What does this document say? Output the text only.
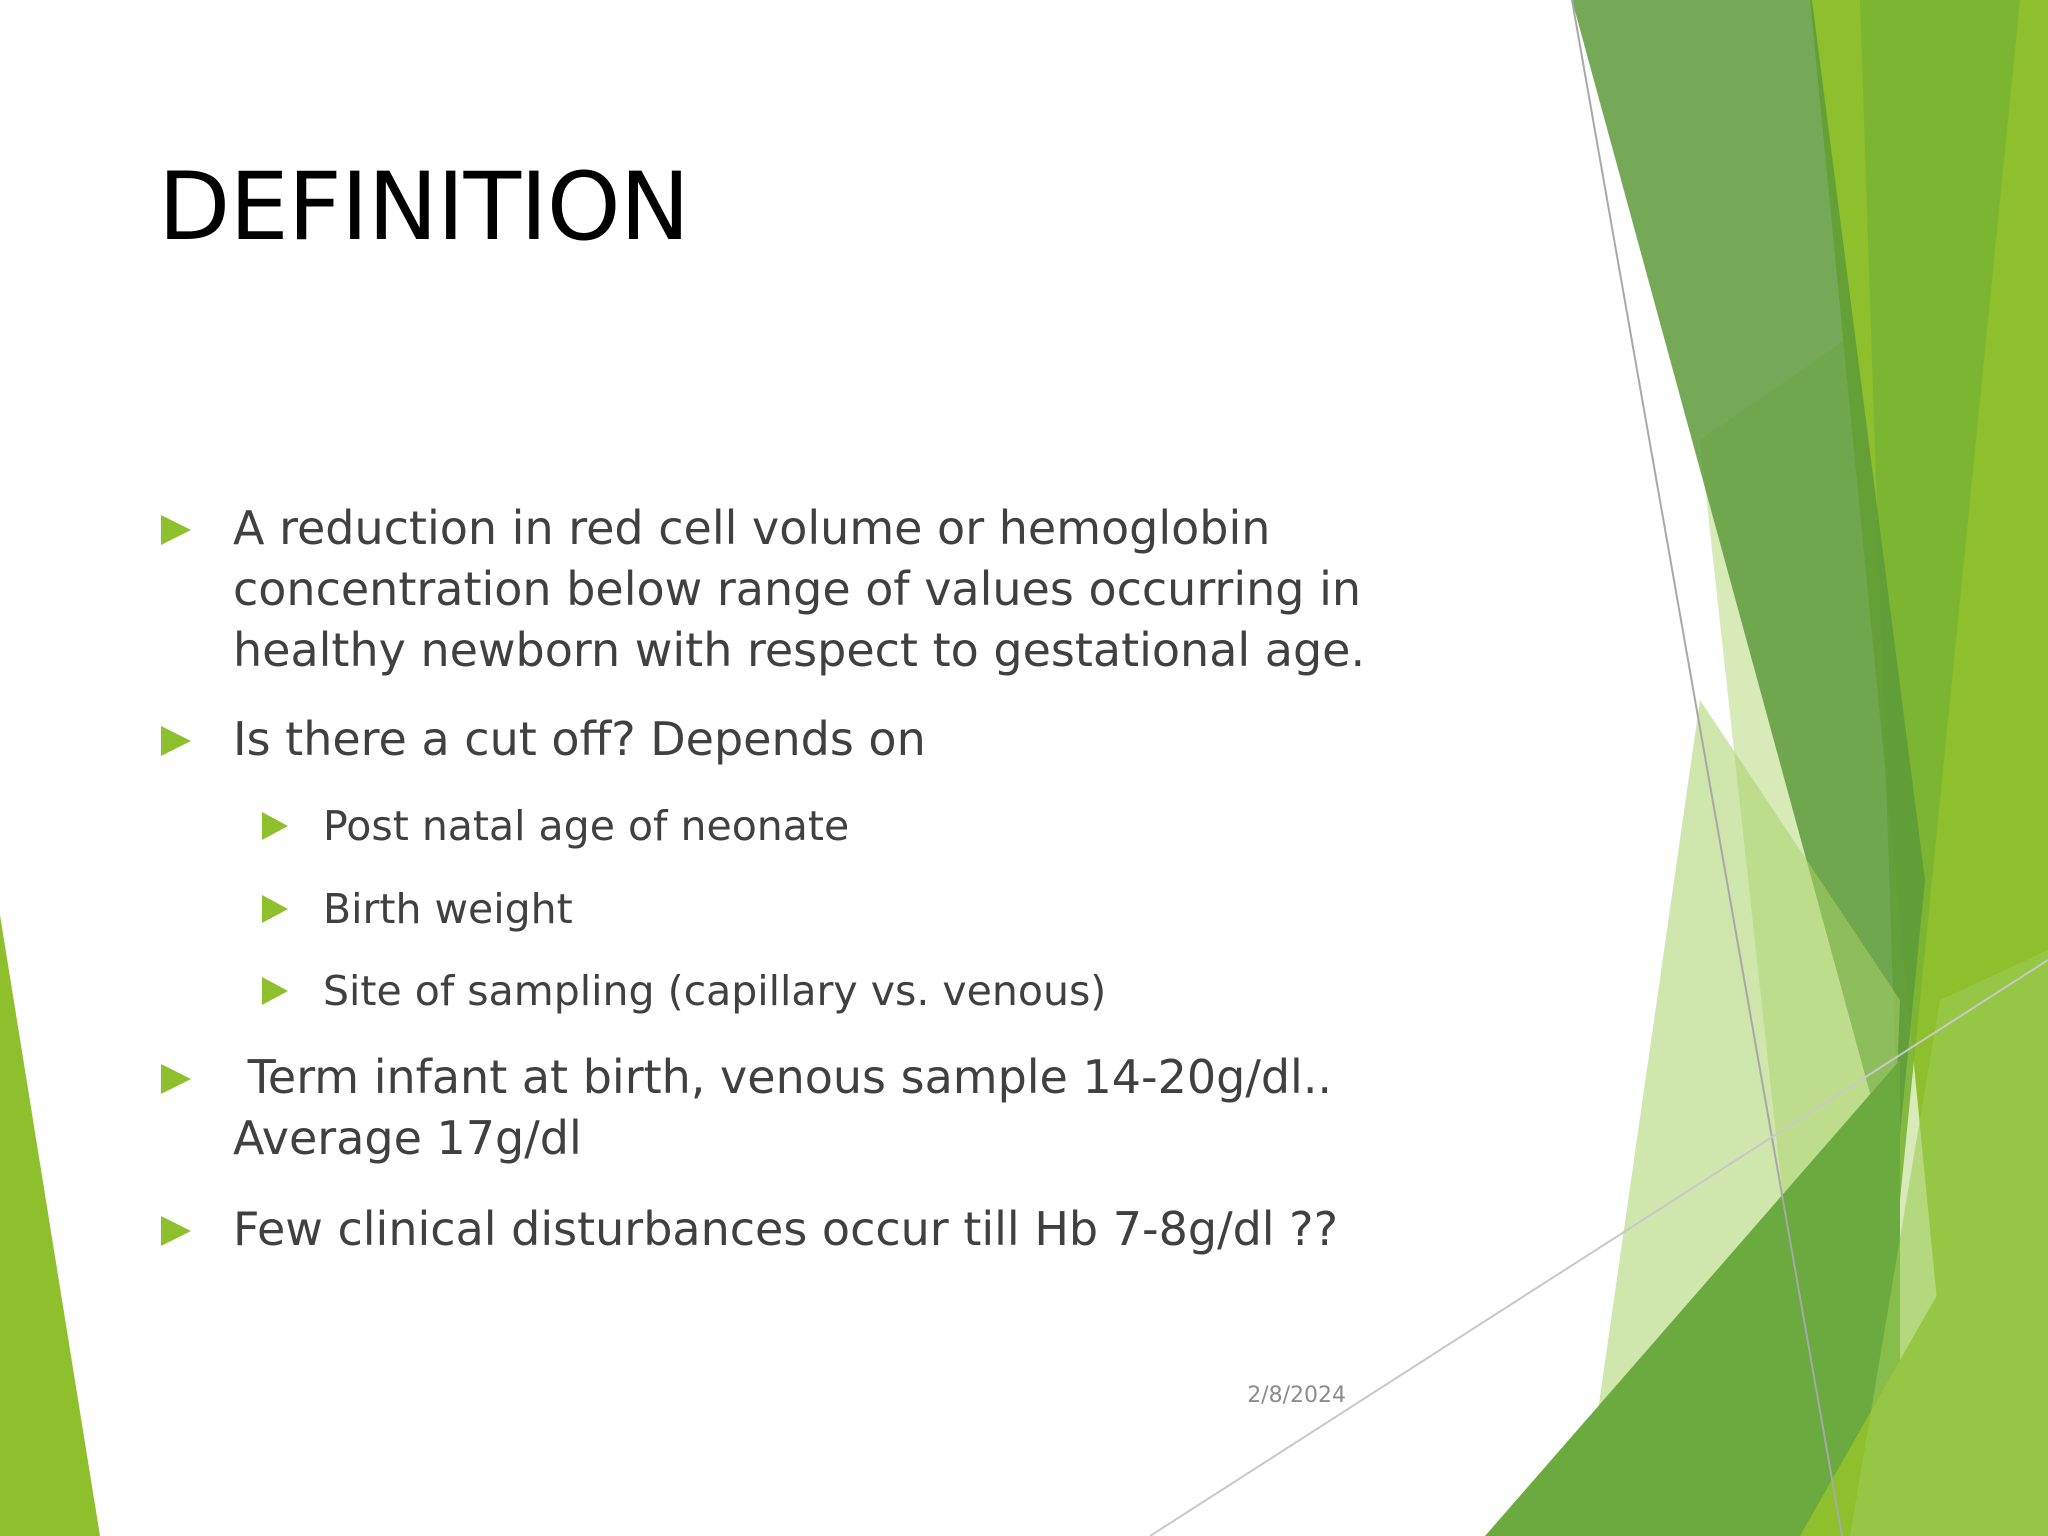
DEFINITION
A reduction in red cell volume or hemoglobin
concentration below range of values occurring in
healthy newborn with respect to gestational age.
Is there a cut off? Depends on
Post natal age of neonate
Birth weight
Site of sampling (capillary vs. venous)
Term infant at birth, venous sample 14-20g/dl..
Average 17g/dl
Few clinical disturbances occur till Hb 7-8g/dl ??
2/8/2024
